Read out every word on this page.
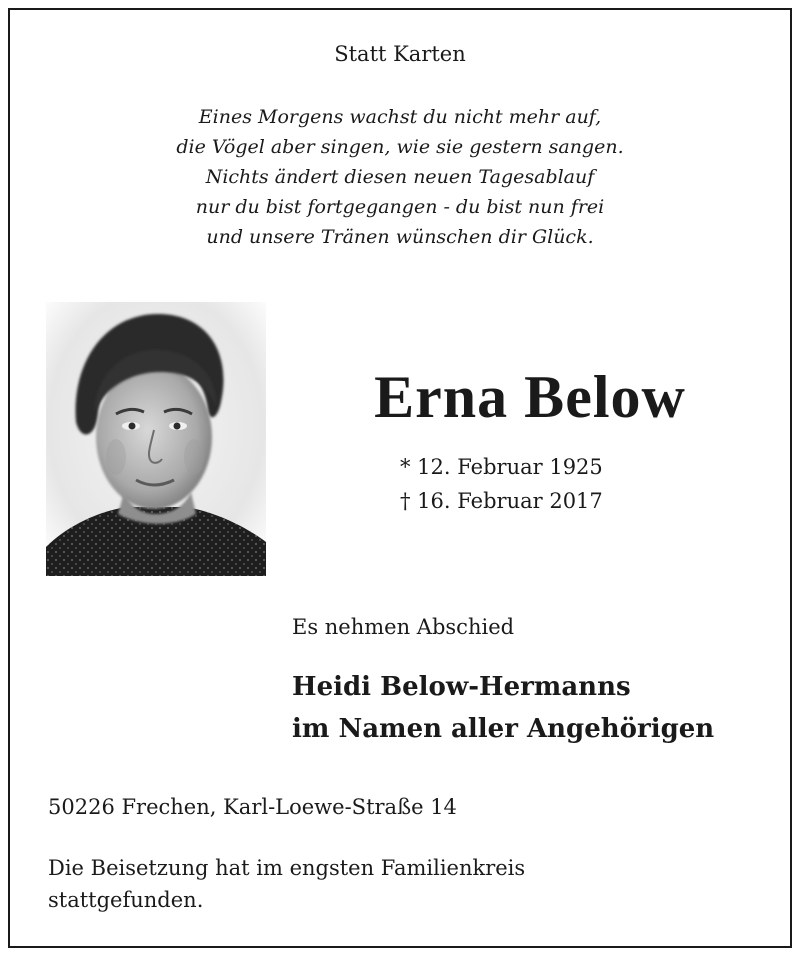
Statt Karten
Eines Morgens wachst du nicht mehr auf,
die Vögel aber singen, wie sie gestern sangen.
Nichts ändert diesen neuen Tagesablauf
nur du bist fortgegangen - du bist nun frei
und unsere Tränen wünschen dir Glück.
Erna Below
* 12. Februar 1925
† 16. Februar 2017
Es nehmen Abschied
Heidi Below-Hermanns
im Namen aller Angehörigen
50226 Frechen, Karl-Loewe-Straße 14
Die Beisetzung hat im engsten Familienkreis
stattgefunden.
